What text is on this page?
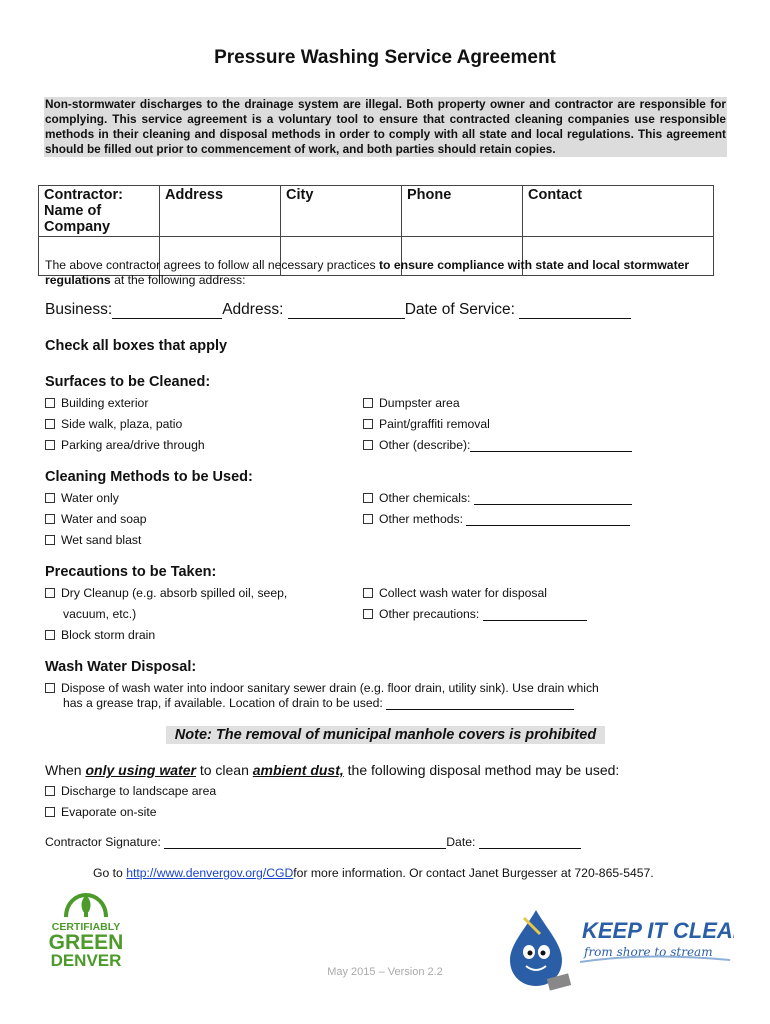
Pressure Washing Service Agreement
Non-stormwater discharges to the drainage system are illegal. Both property owner and contractor are responsible for complying. This service agreement is a voluntary tool to ensure that contracted cleaning companies use responsible methods in their cleaning and disposal methods in order to comply with all state and local regulations. This agreement should be filled out prior to commencement of work, and both parties should retain copies.
Contractor: Name of Company	Address	City	Phone	Contact

The above contractor agrees to follow all necessary practices to ensure compliance with state and local stormwater regulations at the following address:
Business:	Address:	Date of Service:
Check all boxes that apply
Surfaces to be Cleaned:
Building exterior
Side walk, plaza, patio
Parking area/drive through
Dumpster area
Paint/graffiti removal
Other (describe):
Cleaning Methods to be Used:
Water only
Water and soap
Wet sand blast
Other chemicals:
Other methods:
Precautions to be Taken:
Dry Cleanup (e.g. absorb spilled oil, seep,
vacuum, etc.)
Block storm drain
Collect wash water for disposal
Other precautions:
Wash Water Disposal:
Dispose of wash water into indoor sanitary sewer drain (e.g. floor drain, utility sink). Use drain which
has a grease trap, if available. Location of drain to be used:
Note: The removal of municipal manhole covers is prohibited
When only using water to clean ambient dust, the following disposal method may be used:
Discharge to landscape area
Evaporate on-site
Contractor Signature:	Date:
Go to http://www.denvergov.org/CGDfor more information. Or contact Janet Burgesser at 720-865-5457.
CERTIFIABLY
GREEN
DENVER
KEEP IT CLEAN
from shore to stream
May 2015 – Version 2.2
